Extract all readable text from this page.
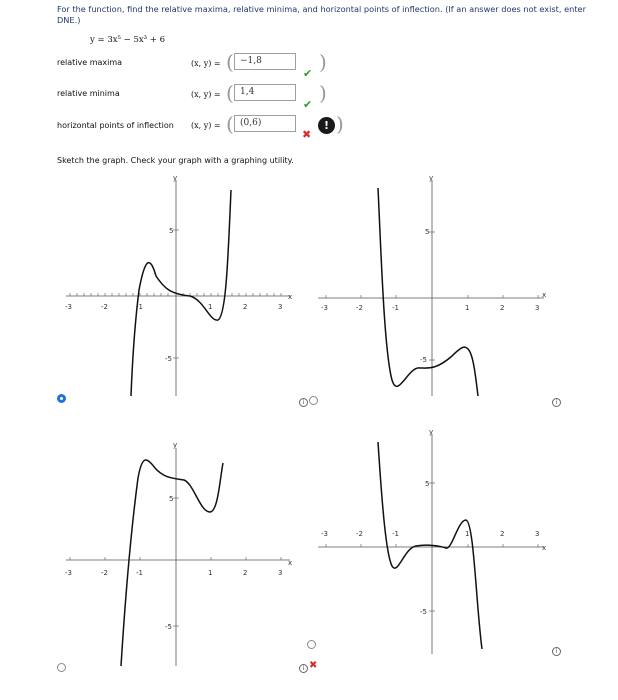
For the function, find the relative maxima, relative minima, and horizontal points of inflection. (If an answer does not exist, enter DNE.)
y = 3x⁵ − 5x³ + 6
relative maxima	(x, y) = ( −1,8
✔ )
relative minima	(x, y) = ( 1,4
✔ )
horizontal points of inflection (x, y) = ( (0,6)
✖
! )
Sketch the graph. Check your graph with a graphing utility.
-3	-2	-1	1	2	3
5
-5
x
y
-3	-2	-1	1	2	3
5
-5
x
y
i	i
-3	-2	-1	1	2	3
5
-5
x
y
-3	-2	-1	1	2	3
5
-5
x
y
i ✖
i
